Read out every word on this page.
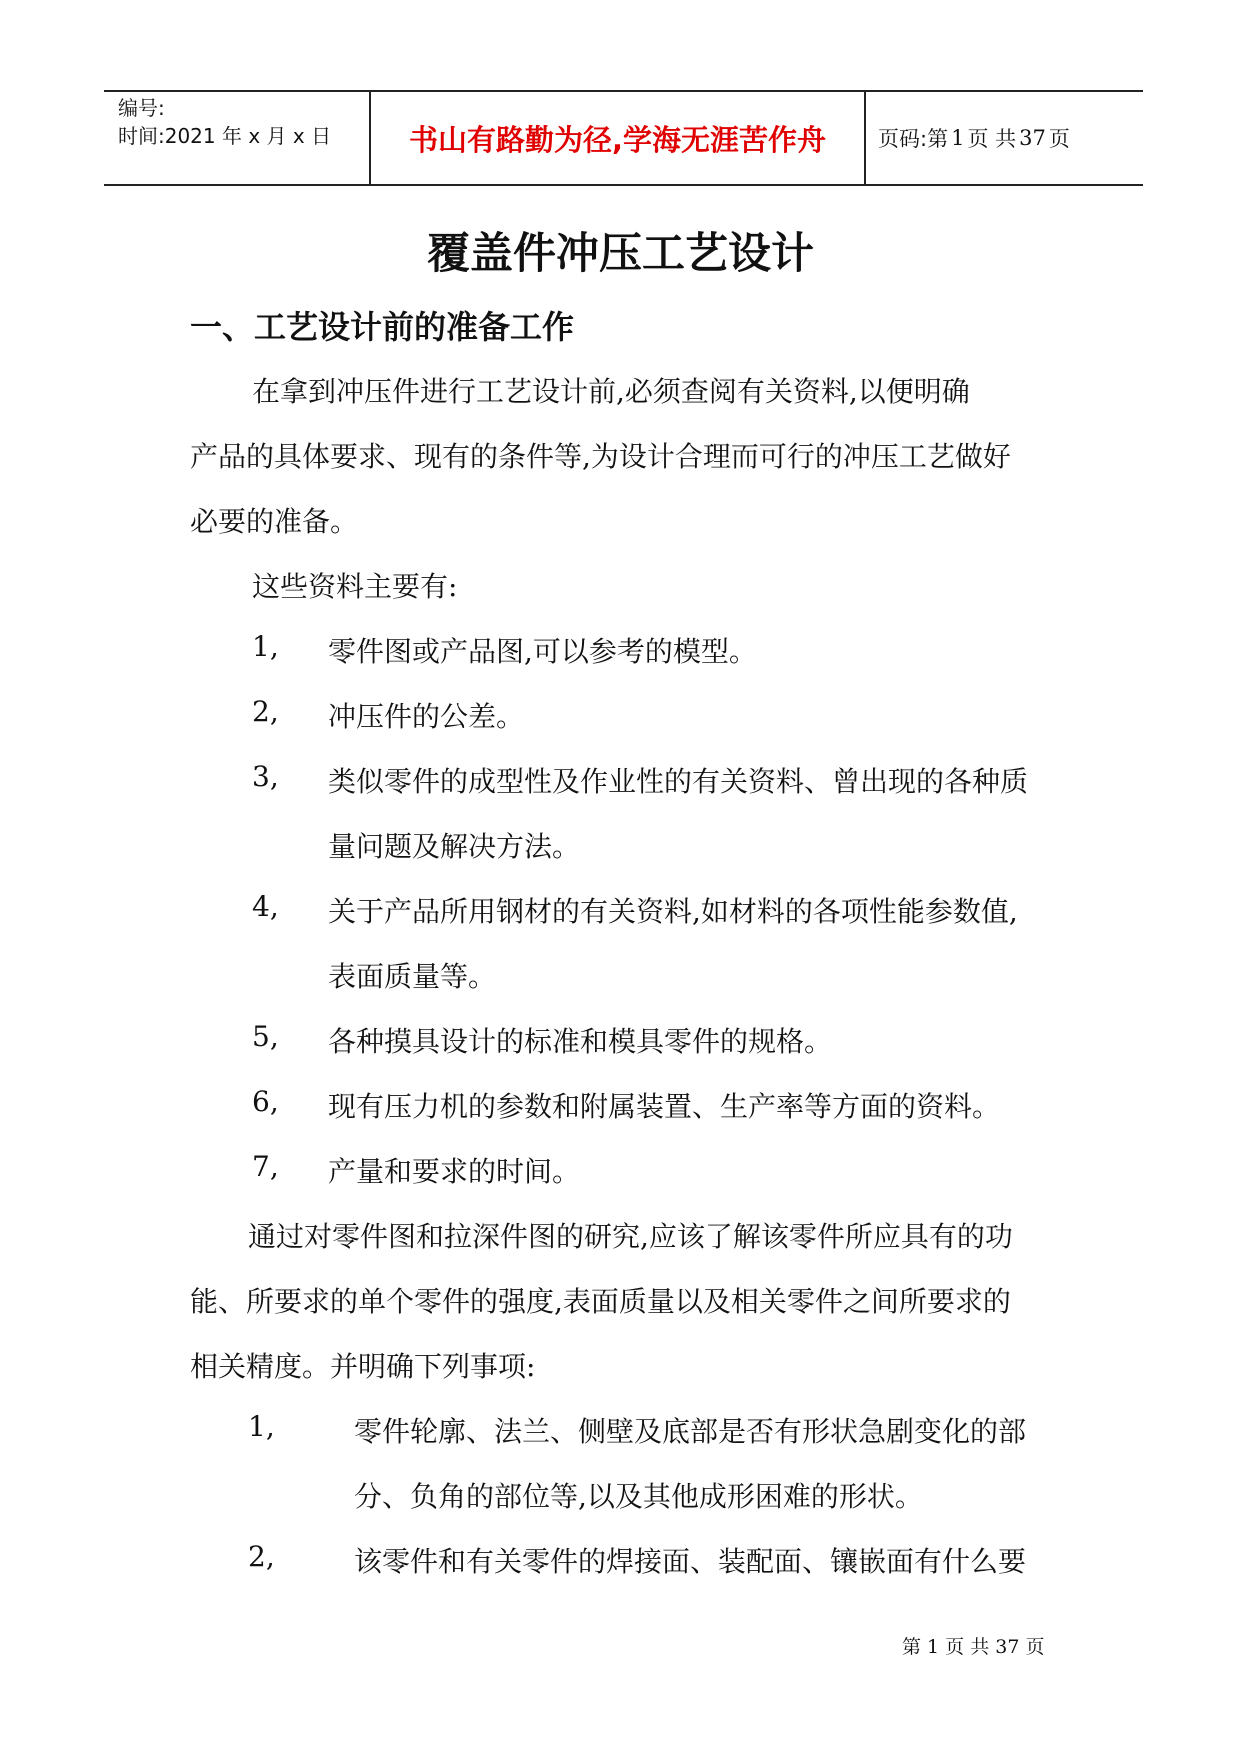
编号:
时间:2021 年 x 月 x 日	书山有路勤为径,学海无涯苦作舟 页码:第 1 页 共 37 页
覆盖件冲压工艺设计
一、工艺设计前的准备工作
在拿到冲压件进行工艺设计前,必须查阅有关资料,以便明确
产品的具体要求、现有的条件等,为设计合理而可行的冲压工艺做好
必要的准备。
这些资料主要有:
1, 零件图或产品图,可以参考的模型。
2, 冲压件的公差。
3, 类似零件的成型性及作业性的有关资料、曾出现的各种质
量问题及解决方法。
4, 关于产品所用钢材的有关资料,如材料的各项性能参数值,
表面质量等。
5, 各种摸具设计的标准和模具零件的规格。
6, 现有压力机的参数和附属装置、生产率等方面的资料。
7, 产量和要求的时间。
通过对零件图和拉深件图的研究,应该了解该零件所应具有的功
能、所要求的单个零件的强度,表面质量以及相关零件之间所要求的
相关精度。并明确下列事项:
1,	零件轮廓、法兰、侧壁及底部是否有形状急剧变化的部
分、负角的部位等,以及其他成形困难的形状。
2,	该零件和有关零件的焊接面、装配面、镶嵌面有什么要
第 1 页 共 37 页
